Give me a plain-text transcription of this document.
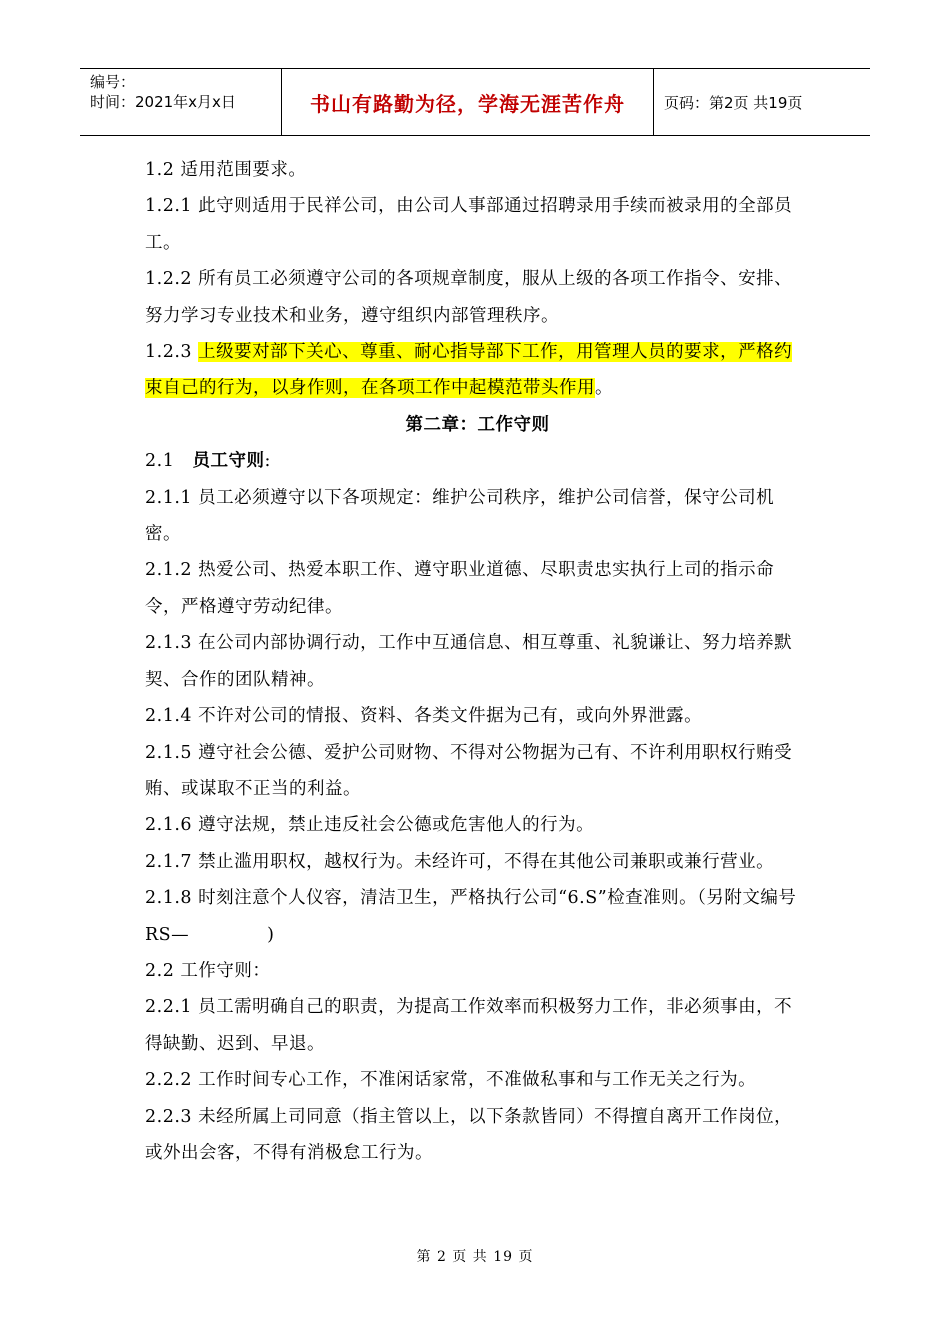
编号：
时间：2021年x月x日	书山有路勤为径，学海无涯苦作舟	页码：第2页 共19页

1.2 适用范围要求。

1.2.1 此守则适用于民祥公司，由公司人事部通过招聘录用手续而被录用的全部员工。

1.2.2 所有员工必须遵守公司的各项规章制度，服从上级的各项工作指令、安排、努力学习专业技术和业务，遵守组织内部管理秩序。

1.2.3 上级要对部下关心、尊重、耐心指导部下工作，用管理人员的要求，严格约束自己的行为，以身作则，在各项工作中起模范带头作用。

第二章：工作守则

2.1   员工守则:

2.1.1 员工必须遵守以下各项规定：维护公司秩序，维护公司信誉，保守公司机密。

2.1.2 热爱公司、热爱本职工作、遵守职业道德、尽职责忠实执行上司的指示命令，严格遵守劳动纪律。

2.1.3 在公司内部协调行动，工作中互通信息、相互尊重、礼貌谦让、努力培养默契、合作的团队精神。

2.1.4 不许对公司的情报、资料、各类文件据为己有，或向外界泄露。

2.1.5 遵守社会公德、爱护公司财物、不得对公物据为己有、不许利用职权行贿受贿、或谋取不正当的利益。

2.1.6 遵守法规，禁止违反社会公德或危害他人的行为。

2.1.7 禁止滥用职权，越权行为。未经许可，不得在其他公司兼职或兼行营业。

2.1.8 时刻注意个人仪容，清洁卫生，严格执行公司“6.S”检查准则。（另附文编号RS—	)

2.2 工作守则：

2.2.1 员工需明确自己的职责，为提高工作效率而积极努力工作，非必须事由，不得缺勤、迟到、早退。

2.2.2 工作时间专心工作，不准闲话家常，不准做私事和与工作无关之行为。

2.2.3 未经所属上司同意（指主管以上，以下条款皆同）不得擅自离开工作岗位，或外出会客，不得有消极怠工行为。

第 2 页 共 19 页
